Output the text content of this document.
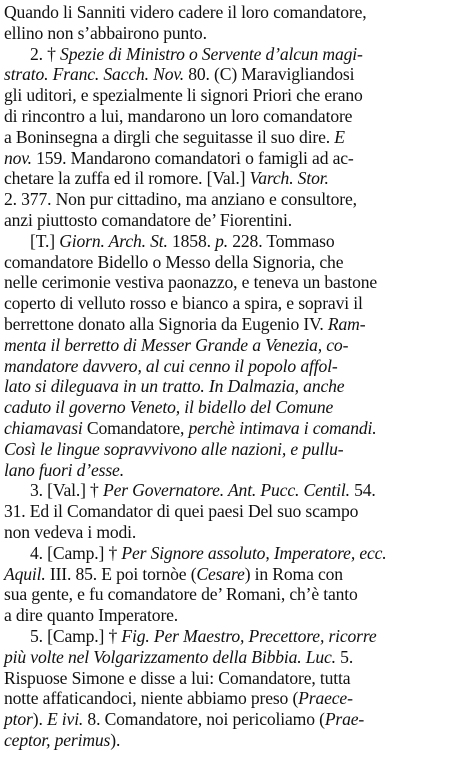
Quando li Sanniti videro cadere il loro comandatore,
ellino non s’abbairono punto.
2. † Spezie di Ministro o Servente d’alcun magi-
strato. Franc. Sacch. Nov. 80. (C) Maravigliandosi
gli uditori, e spezialmente li signori Priori che erano
di rincontro a lui, mandarono un loro comandatore
a Boninsegna a dirgli che seguitasse il suo dire. E
nov. 159. Mandarono comandatori o famigli ad ac-
chetare la zuffa ed il romore. [Val.] Varch. Stor.
2. 377. Non pur cittadino, ma anziano e consultore,
anzi piuttosto comandatore de’ Fiorentini.
[T.] Giorn. Arch. St. 1858. p. 228. Tommaso
comandatore Bidello o Messo della Signoria, che
nelle cerimonie vestiva paonazzo, e teneva un bastone
coperto di velluto rosso e bianco a spira, e sopravi il
berrettone donato alla Signoria da Eugenio IV. Ram-
menta il berretto di Messer Grande a Venezia, co-
mandatore davvero, al cui cenno il popolo affol-
lato si dileguava in un tratto. In Dalmazia, anche
caduto il governo Veneto, il bidello del Comune
chiamavasi Comandatore, perchè intimava i comandi.
Così le lingue sopravvivono alle nazioni, e pullu-
lano fuori d’esse.
3. [Val.] † Per Governatore. Ant. Pucc. Centil. 54.
31. Ed il Comandator di quei paesi Del suo scampo
non vedeva i modi.
4. [Camp.] † Per Signore assoluto, Imperatore, ecc.
Aquil. III. 85. E poi tornòe (Cesare) in Roma con
sua gente, e fu comandatore de’ Romani, ch’è tanto
a dire quanto Imperatore.
5. [Camp.] † Fig. Per Maestro, Precettore, ricorre
più volte nel Volgarizzamento della Bibbia. Luc. 5.
Rispuose Simone e disse a lui: Comandatore, tutta
notte affaticandoci, niente abbiamo preso (Praece-
ptor). E ivi. 8. Comandatore, noi pericoliamo (Prae-
ceptor, perimus).
